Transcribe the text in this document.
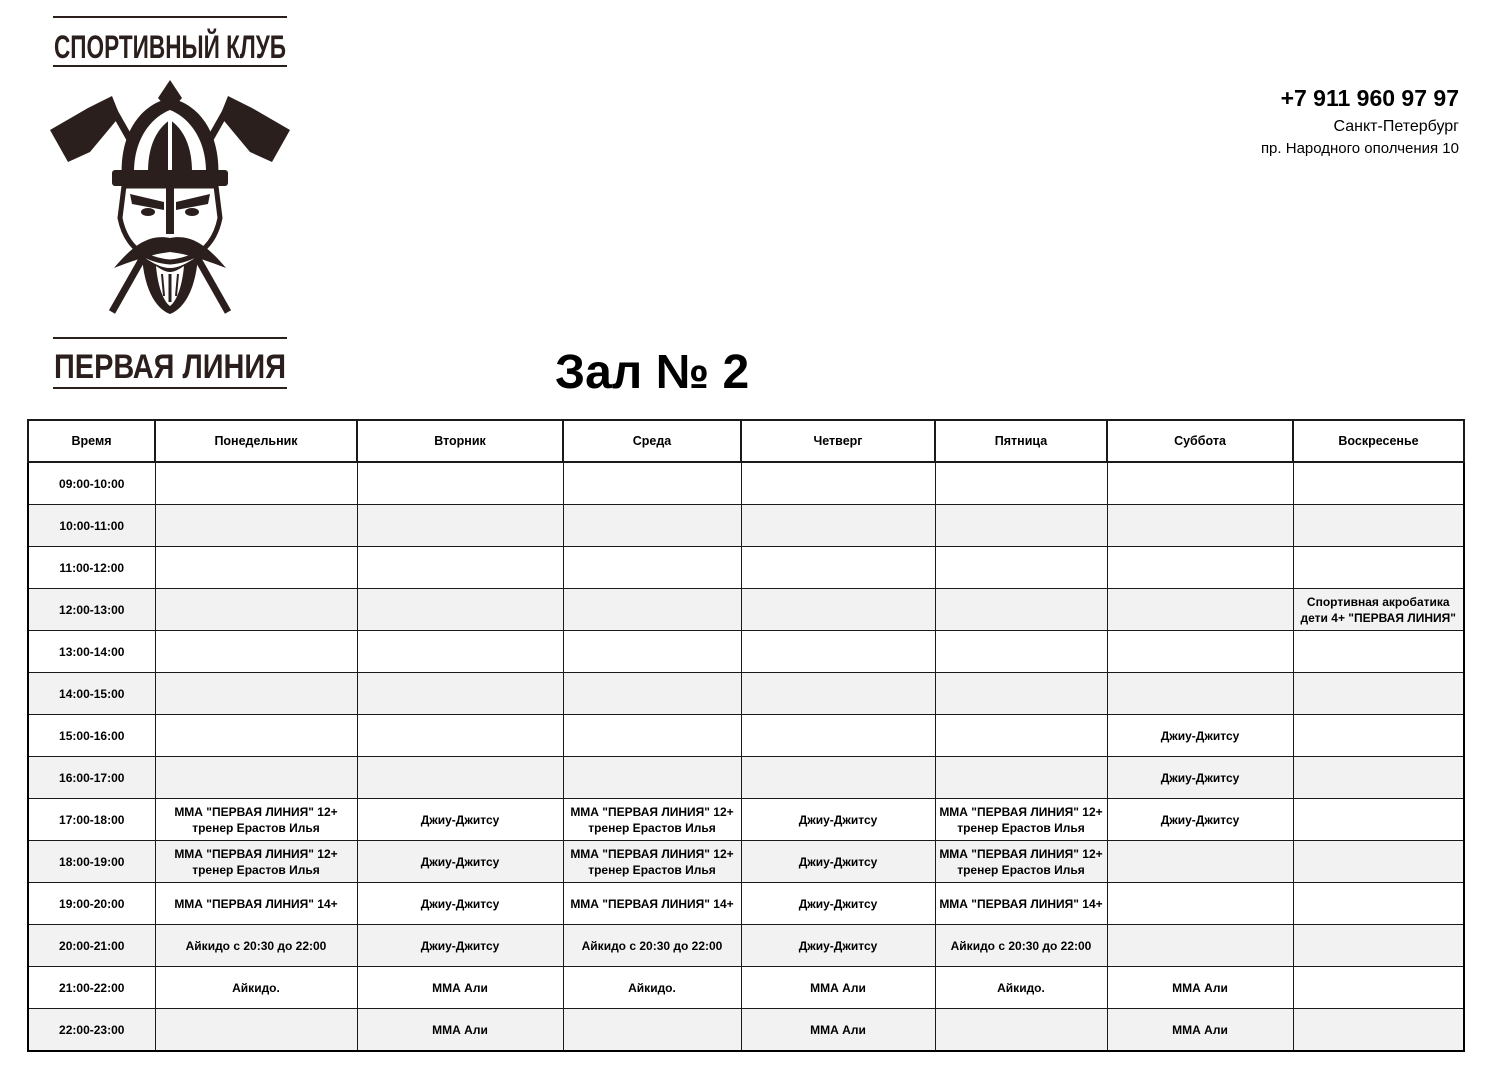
СПОРТИВНЫЙ КЛУБ
ПЕРВАЯ ЛИНИЯ
+7 911 960 97 97
Санкт-Петербург
пр. Народного ополчения 10
Зал № 2
Время	Понедельник	Вторник	Среда	Четверг	Пятница	Суббота	Воскресенье
09:00-10:00							
10:00-11:00							
11:00-12:00							
12:00-13:00							Спортивная акробатика дети 4+ "ПЕРВАЯ ЛИНИЯ"
13:00-14:00							
14:00-15:00							
15:00-16:00						Джиу-Джитсу	
16:00-17:00						Джиу-Джитсу	
17:00-18:00	ММА "ПЕРВАЯ ЛИНИЯ" 12+ тренер Ерастов Илья	Джиу-Джитсу	ММА "ПЕРВАЯ ЛИНИЯ" 12+ тренер Ерастов Илья	Джиу-Джитсу	ММА "ПЕРВАЯ ЛИНИЯ" 12+ тренер Ерастов Илья	Джиу-Джитсу	
18:00-19:00	ММА "ПЕРВАЯ ЛИНИЯ" 12+ тренер Ерастов Илья	Джиу-Джитсу	ММА "ПЕРВАЯ ЛИНИЯ" 12+ тренер Ерастов Илья	Джиу-Джитсу	ММА "ПЕРВАЯ ЛИНИЯ" 12+ тренер Ерастов Илья		
19:00-20:00	ММА "ПЕРВАЯ ЛИНИЯ" 14+	Джиу-Джитсу	ММА "ПЕРВАЯ ЛИНИЯ" 14+	Джиу-Джитсу	ММА "ПЕРВАЯ ЛИНИЯ" 14+		
20:00-21:00	Айкидо с 20:30 до 22:00	Джиу-Джитсу	Айкидо с 20:30 до 22:00	Джиу-Джитсу	Айкидо с 20:30 до 22:00		
21:00-22:00	Айкидо.	ММА Али	Айкидо.	ММА Али	Айкидо.	ММА Али	
22:00-23:00		ММА Али		ММА Али		ММА Али	
